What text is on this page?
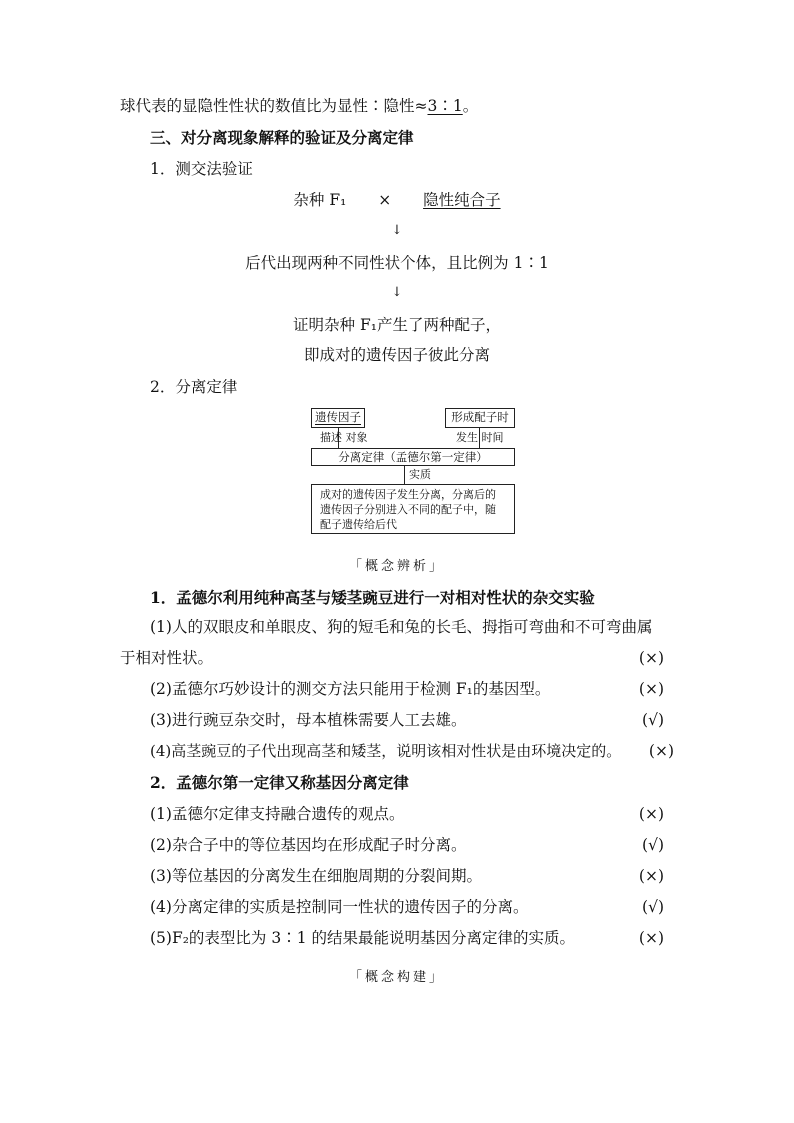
球代表的显隐性性状的数值比为显性∶隐性≈3∶1。
三、对分离现象解释的验证及分离定律
1．测交法验证
杂种 F₁ × 隐性纯合子
↓
后代出现两种不同性状个体，且比例为 1∶1
↓
证明杂种 F₁产生了两种配子，
即成对的遗传因子彼此分离
2．分离定律
遗传因子	形成配子时
描述 对象	发生 时间
分离定律（孟德尔第一定律）
实质
成对的遗传因子发生分离，分离后的遗传因子分别进入不同的配子中，随配子遗传给后代
「概念辨析」
1．孟德尔利用纯种高茎与矮茎豌豆进行一对相对性状的杂交实验
(1)人的双眼皮和单眼皮、狗的短毛和兔的长毛、拇指可弯曲和不可弯曲属
于相对性状。	(×)
(2)孟德尔巧妙设计的测交方法只能用于检测 F₁的基因型。	(×)
(3)进行豌豆杂交时，母本植株需要人工去雄。	(√)
(4)高茎豌豆的子代出现高茎和矮茎，说明该相对性状是由环境决定的。 (×)
2．孟德尔第一定律又称基因分离定律
(1)孟德尔定律支持融合遗传的观点。	(×)
(2)杂合子中的等位基因均在形成配子时分离。	(√)
(3)等位基因的分离发生在细胞周期的分裂间期。	(×)
(4)分离定律的实质是控制同一性状的遗传因子的分离。	(√)
(5)F₂的表型比为 3∶1 的结果最能说明基因分离定律的实质。	(×)
「概念构建」
